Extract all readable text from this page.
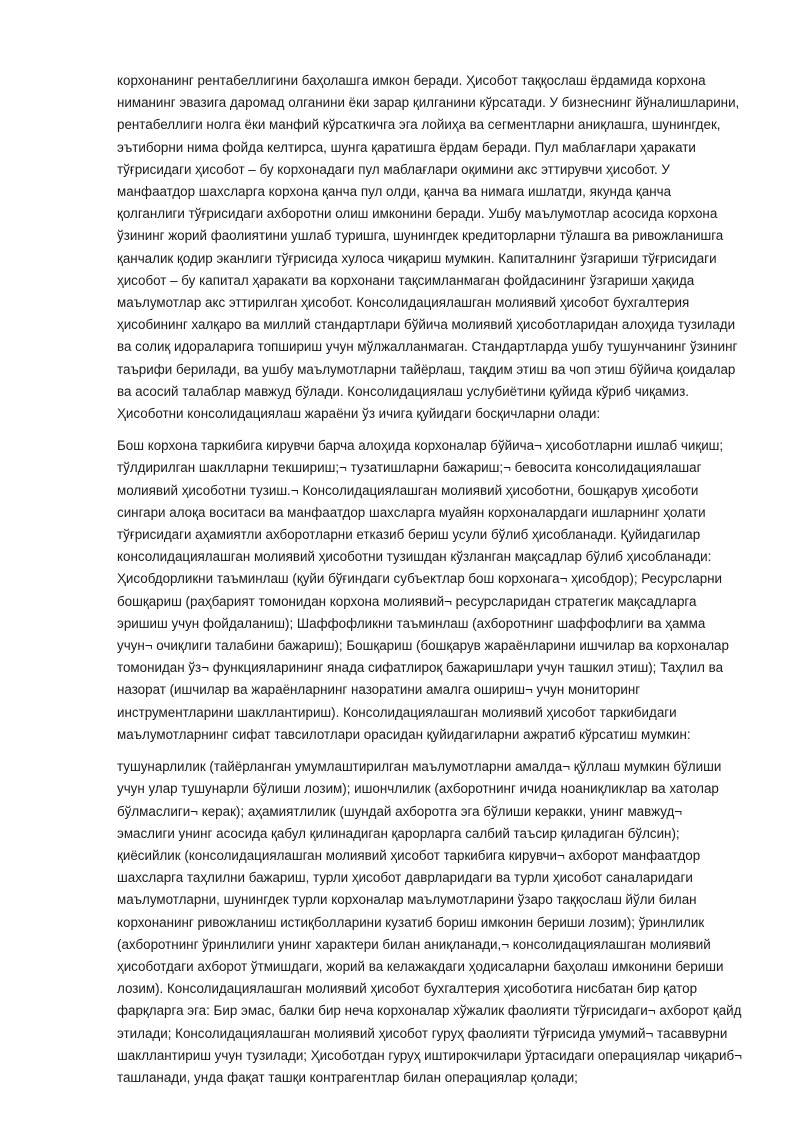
корхонанинг рентабеллигини баҳолашга имкон беради. Ҳисобот таққослаш ёрдамида корхона ниманинг эвазига даромад олганини ёки зарар қилганини кўрсатади. У бизнеснинг йўналишларини, рентабеллиги нолга ёки манфий кўрсаткичга эга лойиҳа ва сегментларни аниқлашга, шунингдек, эътиборни нима фойда келтирса, шунга қаратишга ёрдам беради. Пул маблағлари ҳаракати тўғрисидаги ҳисобот – бу корхонадаги пул маблағлари оқимини акс эттирувчи ҳисобот. У манфаатдор шахсларга корхона қанча пул олди, қанча ва нимага ишлатди, якунда қанча қолганлиги тўғрисидаги ахборотни олиш имконини беради. Ушбу маълумотлар асосида корхона ўзининг жорий фаолиятини ушлаб туришга, шунингдек кредиторларни тўлашга ва ривожланишга қанчалик қодир эканлиги тўғрисида хулоса чиқариш мумкин. Капиталнинг ўзгариши тўғрисидаги ҳисобот – бу капитал ҳаракати ва корхонани тақсимланмаган фойдасининг ўзгариши ҳақида маълумотлар акс эттирилган ҳисобот. Консолидациялашган молиявий ҳисобот бухгалтерия ҳисобининг халқаро ва миллий стандартлари бўйича молиявий ҳисоботларидан алоҳида тузилади ва солиқ идораларига топшириш учун мўлжалланмаган. Стандартларда ушбу тушунчанинг ўзининг таърифи берилади, ва ушбу маълумотларни тайёрлаш, тақдим этиш ва чоп этиш бўйича қоидалар ва асосий талаблар мавжуд бўлади. Консолидациялаш услубиётини қуйида кўриб чиқамиз. Ҳисоботни консолидациялаш жараёни ўз ичига қуйидаги босқичларни олади:

Бош корхона таркибига кирувчи барча алоҳида корхоналар бўйича¬ ҳисоботларни ишлаб чиқиш; тўлдирилган шаклларни текшириш;¬ тузатишларни бажариш;¬ бевосита консолидациялашаг молиявий ҳисоботни тузиш.¬ Консолидациялашган молиявий ҳисоботни, бошқарув ҳисоботи сингари алоқа воситаси ва манфаатдор шахсларга муайян корхоналардаги ишларнинг ҳолати тўғрисидаги аҳамиятли ахборотларни етказиб бериш усули бўлиб ҳисобланади. Қуйидагилар консолидациялашган молиявий ҳисоботни тузишдан кўзланган мақсадлар бўлиб ҳисобланади: Ҳисобдорликни таъминлаш (қуйи бўғиндаги субъектлар бош корхонага¬ ҳисобдор); Ресурсларни бошқариш (раҳбарият томонидан корхона молиявий¬ ресурсларидан стратегик мақсадларга эришиш учун фойдаланиш); Шаффофликни таъминлаш (ахборотнинг шаффофлиги ва ҳамма учун¬ очиқлиги талабини бажариш); Бошқариш (бошқарув жараёнларини ишчилар ва корхоналар томонидан ўз¬ функцияларининг янада сифатлироқ бажаришлари учун ташкил этиш); Таҳлил ва назорат (ишчилар ва жараёнларнинг назоратини амалга ошириш¬ учун мониторинг инструментларини шакллантириш). Консолидациялашган молиявий ҳисобот таркибидаги маълумотларнинг сифат тавсилотлари орасидан қуйидагиларни ажратиб кўрсатиш мумкин:

тушунарлилик (тайёрланган умумлаштирилган маълумотларни амалда¬ қўллаш мумкин бўлиши учун улар тушунарли бўлиши лозим); ишончлилик (ахборотнинг ичида ноаниқликлар ва хатолар бўлмаслиги¬ керак); аҳамиятлилик (шундай ахборотга эга бўлиши керакки, унинг мавжуд¬ эмаслиги унинг асосида қабул қилинадиган қарорларга салбий таъсир қиладиган бўлсин); қиёсийлик (консолидациялашган молиявий ҳисобот таркибига кирувчи¬ ахборот манфаатдор шахсларга таҳлилни бажариш, турли ҳисобот даврларидаги ва турли ҳисобот саналаридаги маълумотларни, шунингдек турли корхоналар маълумотларини ўзаро таққослаш йўли билан корхонанинг ривожланиш истиқболларини кузатиб бориш имконин бериши лозим); ўринлилик (ахборотнинг ўринлилиги унинг характери билан аниқланади,¬ консолидациялашган молиявий ҳисоботдаги ахборот ўтмишдаги, жорий ва келажакдаги ҳодисаларни баҳолаш имконини бериши лозим). Консолидациялашган молиявий ҳисобот бухгалтерия ҳисоботига нисбатан бир қатор фарқларга эга: Бир эмас, балки бир неча корхоналар хўжалик фаолияти тўғрисидаги¬ ахборот қайд этилади; Консолидациялашган молиявий ҳисобот гуруҳ фаолияти тўғрисида умумий¬ тасаввурни шакллантириш учун тузилади; Ҳисоботдан гуруҳ иштирокчилари ўртасидаги операциялар чиқариб¬ ташланади, унда фақат ташқи контрагентлар билан операциялар қолади;
